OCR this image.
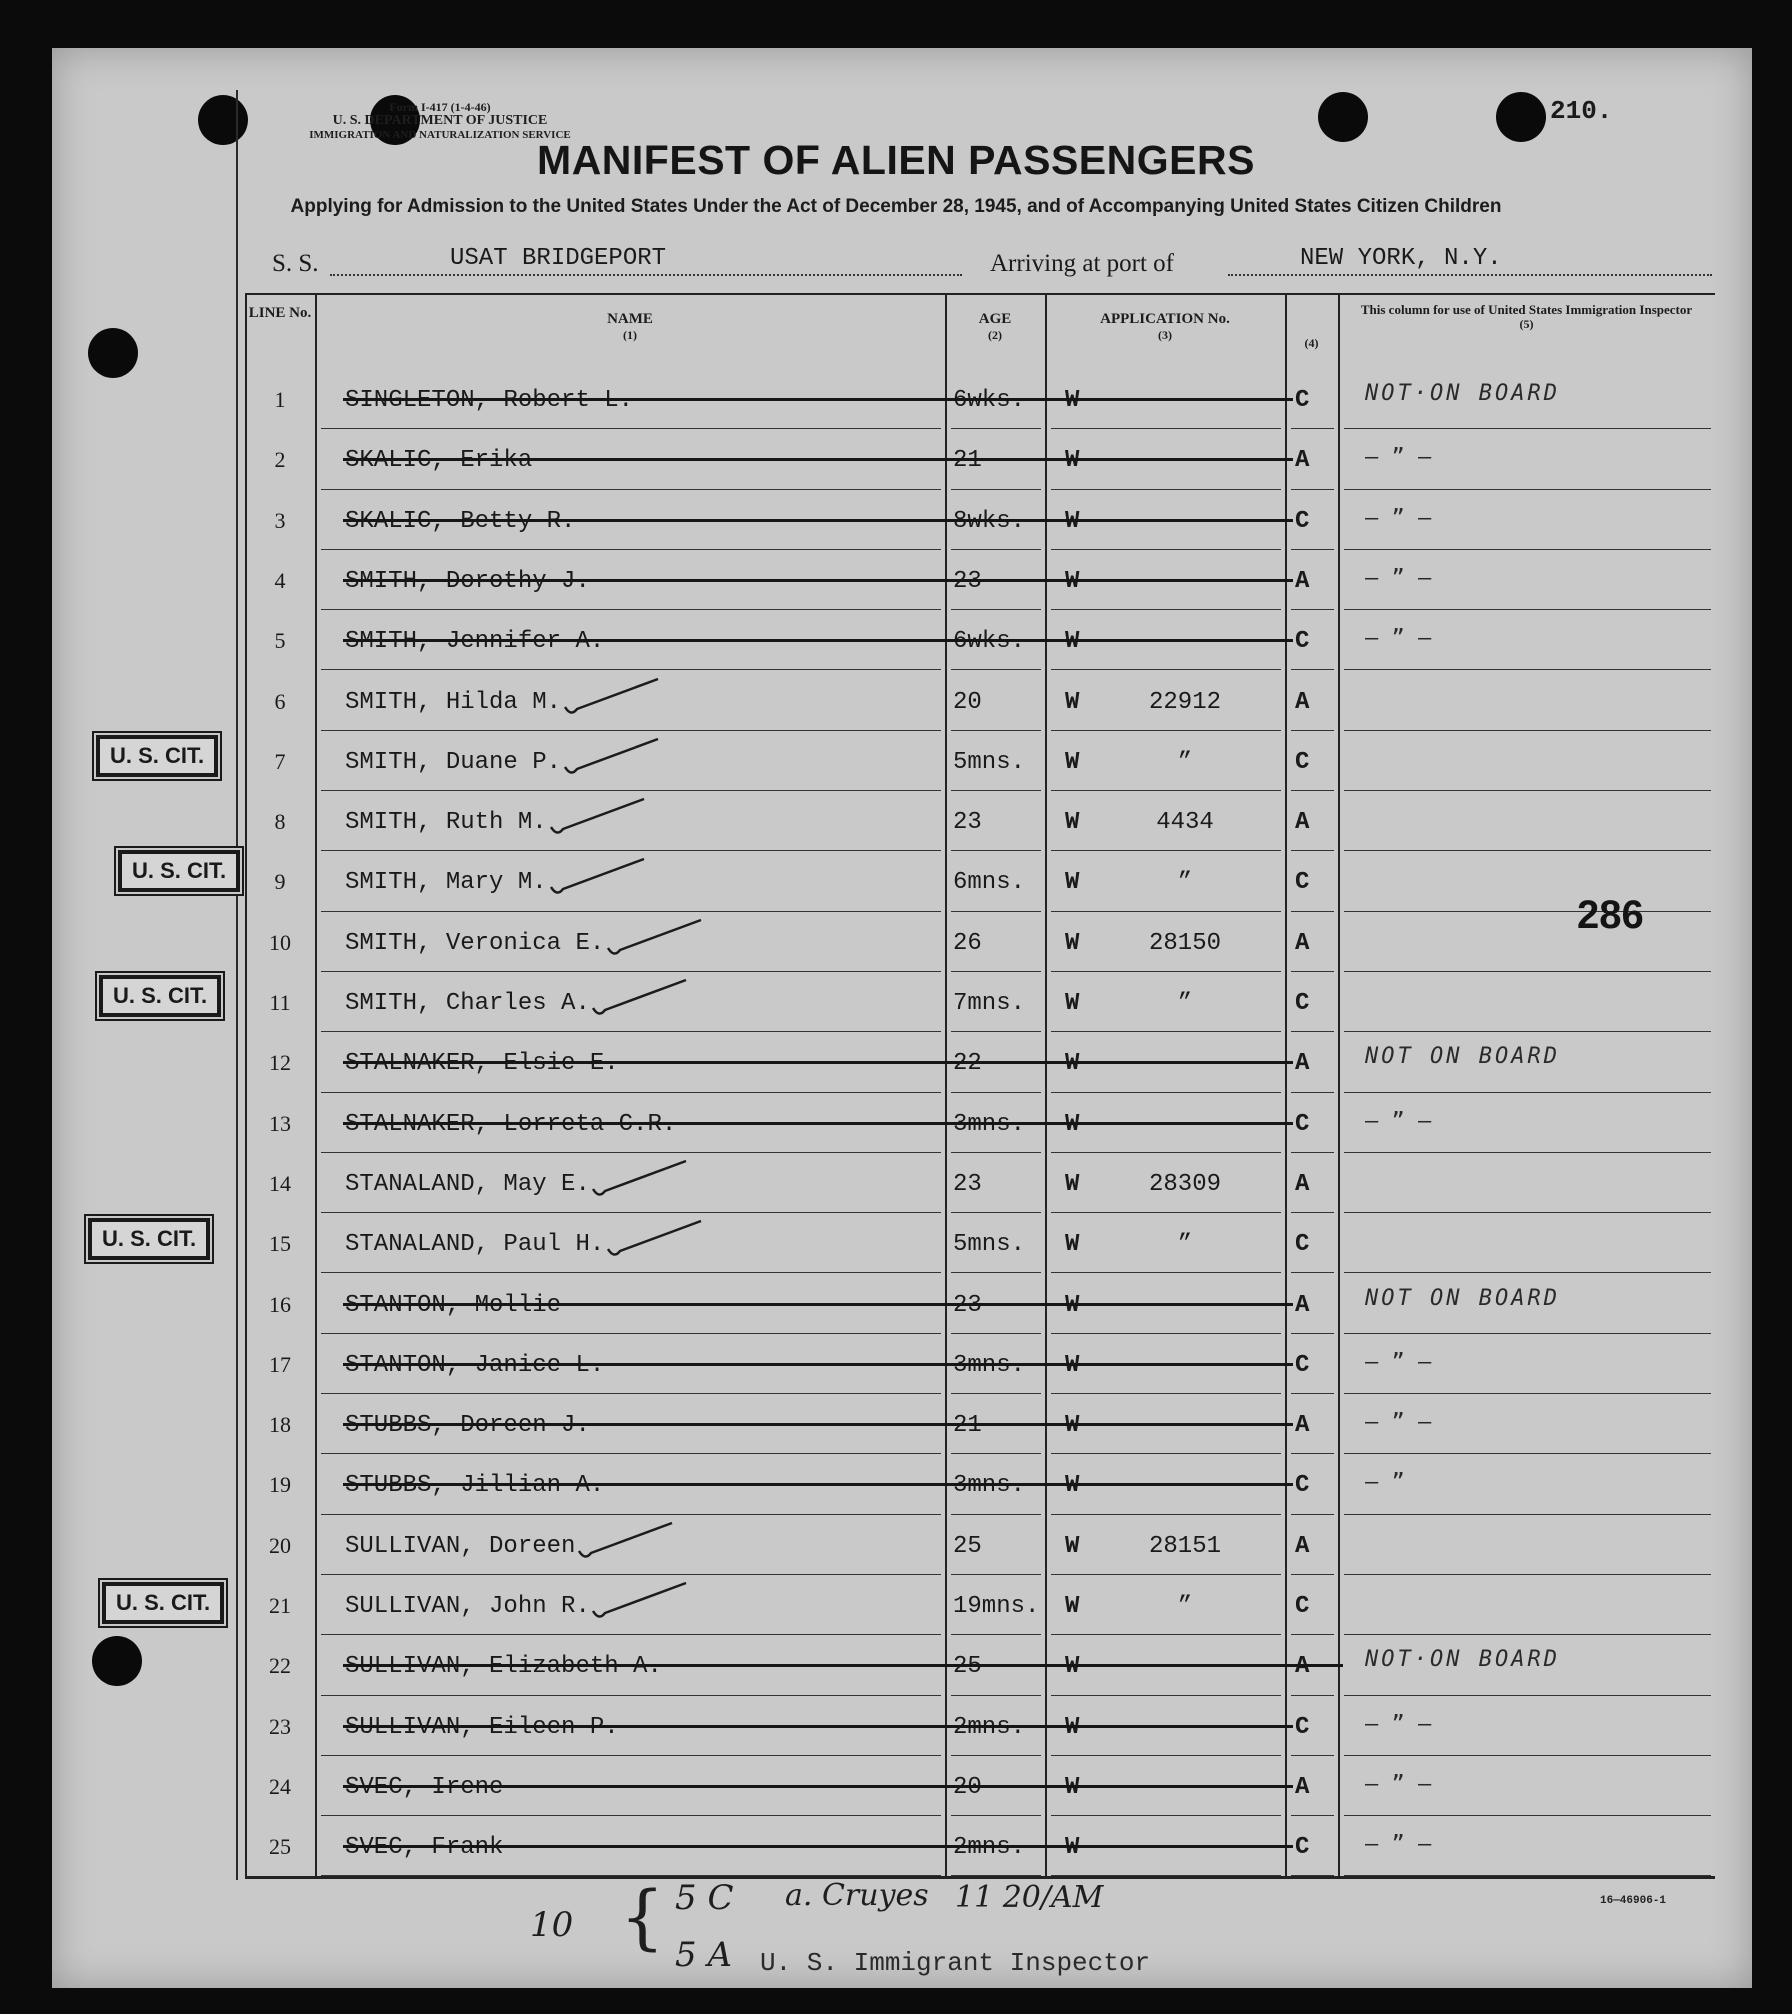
Form I-417 (1-4-46)
U. S. DEPARTMENT OF JUSTICE
IMMIGRATION AND NATURALIZATION SERVICE
210.
MANIFEST OF ALIEN PASSENGERS
Applying for Admission to the United States Under the Act of December 28, 1945, and of Accompanying United States Citizen Children
S. S.	USAT BRIDGEPORT	Arriving at port of	NEW YORK, N.Y.
LINE No.	NAME
(1)
AGE
(2)
APPLICATION No.
(3)
(4)
This column for use of United States Immigration Inspector
(5)
1	SINGLETON, Robert L.	6wks. W	C	NOT·ON BOARD
2	SKALIC, Erika	21	W	A	— ” —
3	SKALIC, Betty R.	8wks. W	C	— ” —
4	SMITH, Dorothy J.	23	W	A	— ” —
5	SMITH, Jennifer A.	6wks. W	C	— ” —
6	SMITH, Hilda M.	20	W	22912	A
7	SMITH, Duane P.	5mns. W	”	C
8	SMITH, Ruth M.	23	W	4434	A
9	SMITH, Mary M.	6mns. W	”	C
10	SMITH, Veronica E.	26	W	28150	A
11	SMITH, Charles A.	7mns. W	”	C
12	STALNAKER, Elsie E.	22	W	A	NOT ON BOARD
13	STALNAKER, Lorreta C.R.	3mns. W	C	— ” —
14	STANALAND, May E.	23	W	28309	A
15	STANALAND, Paul H.	5mns. W	”	C
16	STANTON, Mollie	23	W	A	NOT ON BOARD
17	STANTON, Janice L.	3mns. W	C	— ” —
18	STUBBS, Doreen J.	21	W	A	— ” —
19	STUBBS, Jillian A.	3mns. W	C	— ”
20	SULLIVAN, Doreen	25	W	28151	A
21	SULLIVAN, John R.	19mns. W	”	C
22	SULLIVAN, Elizabeth A.	25	W	A	NOT·ON BOARD
23	SULLIVAN, Eileen P.	2mns. W	C	— ” —
24	SVEC, Irene	20	W	A	— ” —
25	SVEC, Frank	2mns. W	C	— ” —
U. S. CIT.
U. S. CIT.
U. S. CIT.
U. S. CIT.
U. S. CIT.
286
10 { 5 C
5 A
a. Cruyes 11 20/AM
U. S. Immigrant Inspector
16—46906-1
